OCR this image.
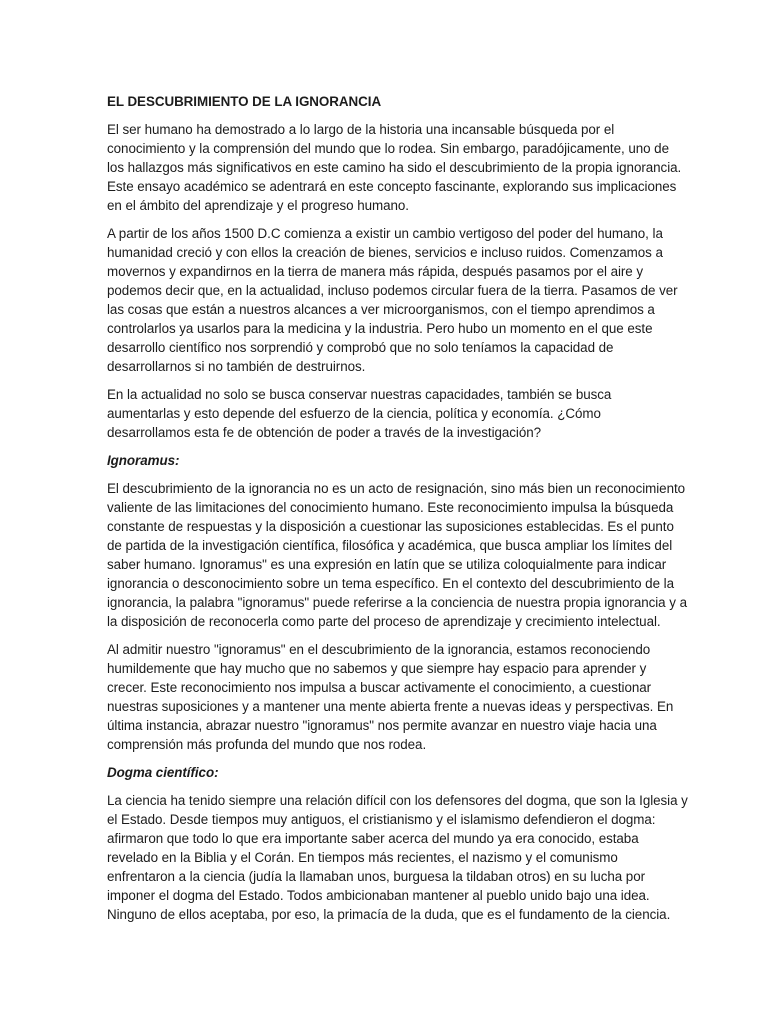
EL DESCUBRIMIENTO DE LA IGNORANCIA

El ser humano ha demostrado a lo largo de la historia una incansable búsqueda por el conocimiento y la comprensión del mundo que lo rodea. Sin embargo, paradójicamente, uno de los hallazgos más significativos en este camino ha sido el descubrimiento de la propia ignorancia. Este ensayo académico se adentrará en este concepto fascinante, explorando sus implicaciones en el ámbito del aprendizaje y el progreso humano.

A partir de los años 1500 D.C comienza a existir un cambio vertigoso del poder del humano, la humanidad creció y con ellos la creación de bienes, servicios e incluso ruidos. Comenzamos a movernos y expandirnos en la tierra de manera más rápida, después pasamos por el aire y podemos decir que, en la actualidad, incluso podemos circular fuera de la tierra. Pasamos de ver las cosas que están a nuestros alcances a ver microorganismos, con el tiempo aprendimos a controlarlos ya usarlos para la medicina y la industria. Pero hubo un momento en el que este desarrollo científico nos sorprendió y comprobó que no solo teníamos la capacidad de desarrollarnos si no también de destruirnos.

En la actualidad no solo se busca conservar nuestras capacidades, también se busca aumentarlas y esto depende del esfuerzo de la ciencia, política y economía. ¿Cómo desarrollamos esta fe de obtención de poder a través de la investigación?

Ignoramus:

El descubrimiento de la ignorancia no es un acto de resignación, sino más bien un reconocimiento valiente de las limitaciones del conocimiento humano. Este reconocimiento impulsa la búsqueda constante de respuestas y la disposición a cuestionar las suposiciones establecidas. Es el punto de partida de la investigación científica, filosófica y académica, que busca ampliar los límites del saber humano. Ignoramus" es una expresión en latín que se utiliza coloquialmente para indicar ignorancia o desconocimiento sobre un tema específico. En el contexto del descubrimiento de la ignorancia, la palabra "ignoramus" puede referirse a la conciencia de nuestra propia ignorancia y a la disposición de reconocerla como parte del proceso de aprendizaje y crecimiento intelectual.

Al admitir nuestro "ignoramus" en el descubrimiento de la ignorancia, estamos reconociendo humildemente que hay mucho que no sabemos y que siempre hay espacio para aprender y crecer. Este reconocimiento nos impulsa a buscar activamente el conocimiento, a cuestionar nuestras suposiciones y a mantener una mente abierta frente a nuevas ideas y perspectivas. En última instancia, abrazar nuestro "ignoramus" nos permite avanzar en nuestro viaje hacia una comprensión más profunda del mundo que nos rodea.

Dogma científico:

La ciencia ha tenido siempre una relación difícil con los defensores del dogma, que son la Iglesia y el Estado. Desde tiempos muy antiguos, el cristianismo y el islamismo defendieron el dogma: afirmaron que todo lo que era importante saber acerca del mundo ya era conocido, estaba revelado en la Biblia y el Corán. En tiempos más recientes, el nazismo y el comunismo enfrentaron a la ciencia (judía la llamaban unos, burguesa la tildaban otros) en su lucha por imponer el dogma del Estado. Todos ambicionaban mantener al pueblo unido bajo una idea. Ninguno de ellos aceptaba, por eso, la primacía de la duda, que es el fundamento de la ciencia.
